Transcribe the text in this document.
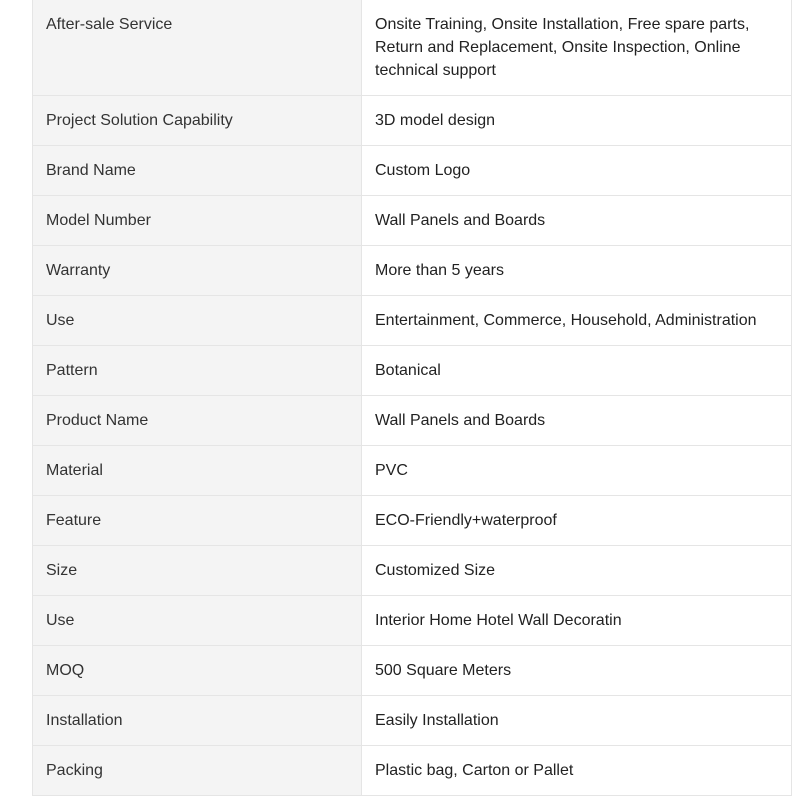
After-sale Service	Onsite Training, Onsite Installation, Free spare parts, Return and Replacement, Onsite Inspection, Online technical support
Project Solution Capability	3D model design
Brand Name	Custom Logo
Model Number	Wall Panels and Boards
Warranty	More than 5 years
Use	Entertainment, Commerce, Household, Administration
Pattern	Botanical
Product Name	Wall Panels and Boards
Material	PVC
Feature	ECO-Friendly+waterproof
Size	Customized Size
Use	Interior Home Hotel Wall Decoratin
MOQ	500 Square Meters
Installation	Easily Installation
Packing	Plastic bag, Carton or Pallet
